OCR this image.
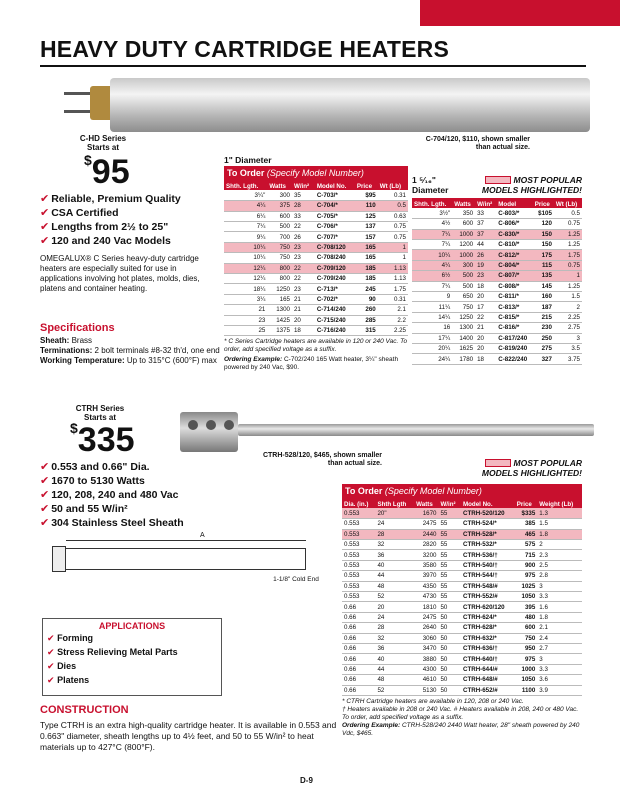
HEAVY DUTY CARTRIDGE HEATERS
C-704/120, $110, shown smaller than actual size.
C-HD Series
Starts at
$95
✔ Reliable, Premium Quality
✔ CSA Certified
✔ Lengths from 2½ to 25"
✔ 120 and 240 Vac Models
OMEGALUX® C Series heavy-duty cartridge heaters are especially suited for use in applications involving hot plates, molds, dies, platens and container heating.
Specifications
Sheath: Brass
Terminations: 2 bolt terminals #8-32 th'd, one end
Working Temperature: Up to 315°C (600°F) max
1" Diameter
To Order (Specify Model Number)
Shth. Lgth.	Watts	W/in²	Model No.	Price	Wt (Lb)
3¼"	300	35	C-703/*	$95	0.31
4¼	375	28	C-704/*	110	0.5
6¼	600	33	C-705/*	125	0.63
7¼	500	22	C-706/*	137	0.75
9¼	700	26	C-707/*	157	0.75
10¼	750	23	C-708/120	165	1
10¼	750	23	C-708/240	165	1
12¼	800	22	C-709/120	185	1.13
12¼	800	22	C-709/240	185	1.13
18¼	1250	23	C-713/*	245	1.75
3¼	165	21	C-702/*	90	0.31
21	1300	21	C-714/240	260	2.1
23	1425	20	C-715/240	285	2.2
25	1375	18	C-716/240	315	2.25
* C Series Cartridge heaters are available in 120 or 240 Vac. To order, add specified voltage as a suffix.
Ordering Example: C-702/240 165 Watt heater, 3¼" sheath powered by 240 Vac, $90.
1 ⁵⁄₁₆"
Diameter
MOST POPULAR
MODELS HIGHLIGHTED!
Shth. Lgth.	Watts	W/in²	Model	Price	Wt (Lb)
3½"	350	33	C-803/*	$105	0.5
4½	600	37	C-806/*	120	0.75
7¼	1000	37	C-830/*	150	1.25
7¼	1200	44	C-810/*	150	1.25
10¼	1000	26	C-812/*	175	1.75
4¼	300	19	C-804/*	115	0.75
6½	500	23	C-807/*	135	1
7¼	500	18	C-808/*	145	1.25
9	650	20	C-811/*	160	1.5
11¼	750	17	C-813/*	187	2
14¼	1250	22	C-815/*	215	2.25
16	1300	21	C-816/*	230	2.75
17¼	1400	20	C-817/240	250	3
20¼	1625	20	C-819/240	275	3.5
24¼	1780	18	C-822/240	327	3.75
CTRH Series
Starts at
$335	CTRH-528/120, $465, shown smaller than actual size.
✔ 0.553 and 0.66" Dia.
✔ 1670 to 5130 Watts
✔ 120, 208, 240 and 480 Vac
✔ 50 and 55 W/in²
✔ 304 Stainless Steel Sheath
A
1-1/8" Cold End
APPLICATIONS
✔ Forming
✔ Stress Relieving Metal Parts
✔ Dies
✔ Platens
CONSTRUCTION
Type CTRH is an extra high-quality cartridge heater. It is available in 0.553 and 0.663" diameter, sheath lengths up to 4½ feet, and 50 to 55 W/in² to heat materials up to 427°C (800°F).
MOST POPULAR
MODELS HIGHLIGHTED!
To Order (Specify Model Number)
Dia. (in.)	Shth Lgth	Watts	W/in²	Model No.	Price	Weight (Lb)
0.553	20"	1670	55	CTRH-520/120	$335	1.3
0.553	24	2475	55	CTRH-524/*	385	1.5
0.553	28	2440	55	CTRH-528/*	465	1.8
0.553	32	2820	55	CTRH-532/*	575	2
0.553	36	3200	55	CTRH-536/†	715	2.3
0.553	40	3580	55	CTRH-540/†	900	2.5
0.553	44	3970	55	CTRH-544/†	975	2.8
0.553	48	4350	55	CTRH-548/#	1025	3
0.553	52	4730	55	CTRH-552/#	1050	3.3
0.66	20	1810	50	CTRH-620/120	395	1.6
0.66	24	2475	50	CTRH-624/*	480	1.8
0.66	28	2640	50	CTRH-628/*	600	2.1
0.66	32	3060	50	CTRH-632/*	750	2.4
0.66	36	3470	50	CTRH-636/†	950	2.7
0.66	40	3880	50	CTRH-640/†	975	3
0.66	44	4300	50	CTRH-644/#	1000	3.3
0.66	48	4610	50	CTRH-648/#	1050	3.6
0.66	52	5130	50	CTRH-652/#	1100	3.9
* CTRH Cartridge heaters are available in 120, 208 or 240 Vac.
† Heaters available in 208 or 240 Vac. # Heaters available in 208, 240 or 480 Vac. To order, add specified voltage as a suffix.
Ordering Example: CTRH-528/240 2440 Watt heater, 28" sheath powered by 240 Vdc, $465.
D-9
